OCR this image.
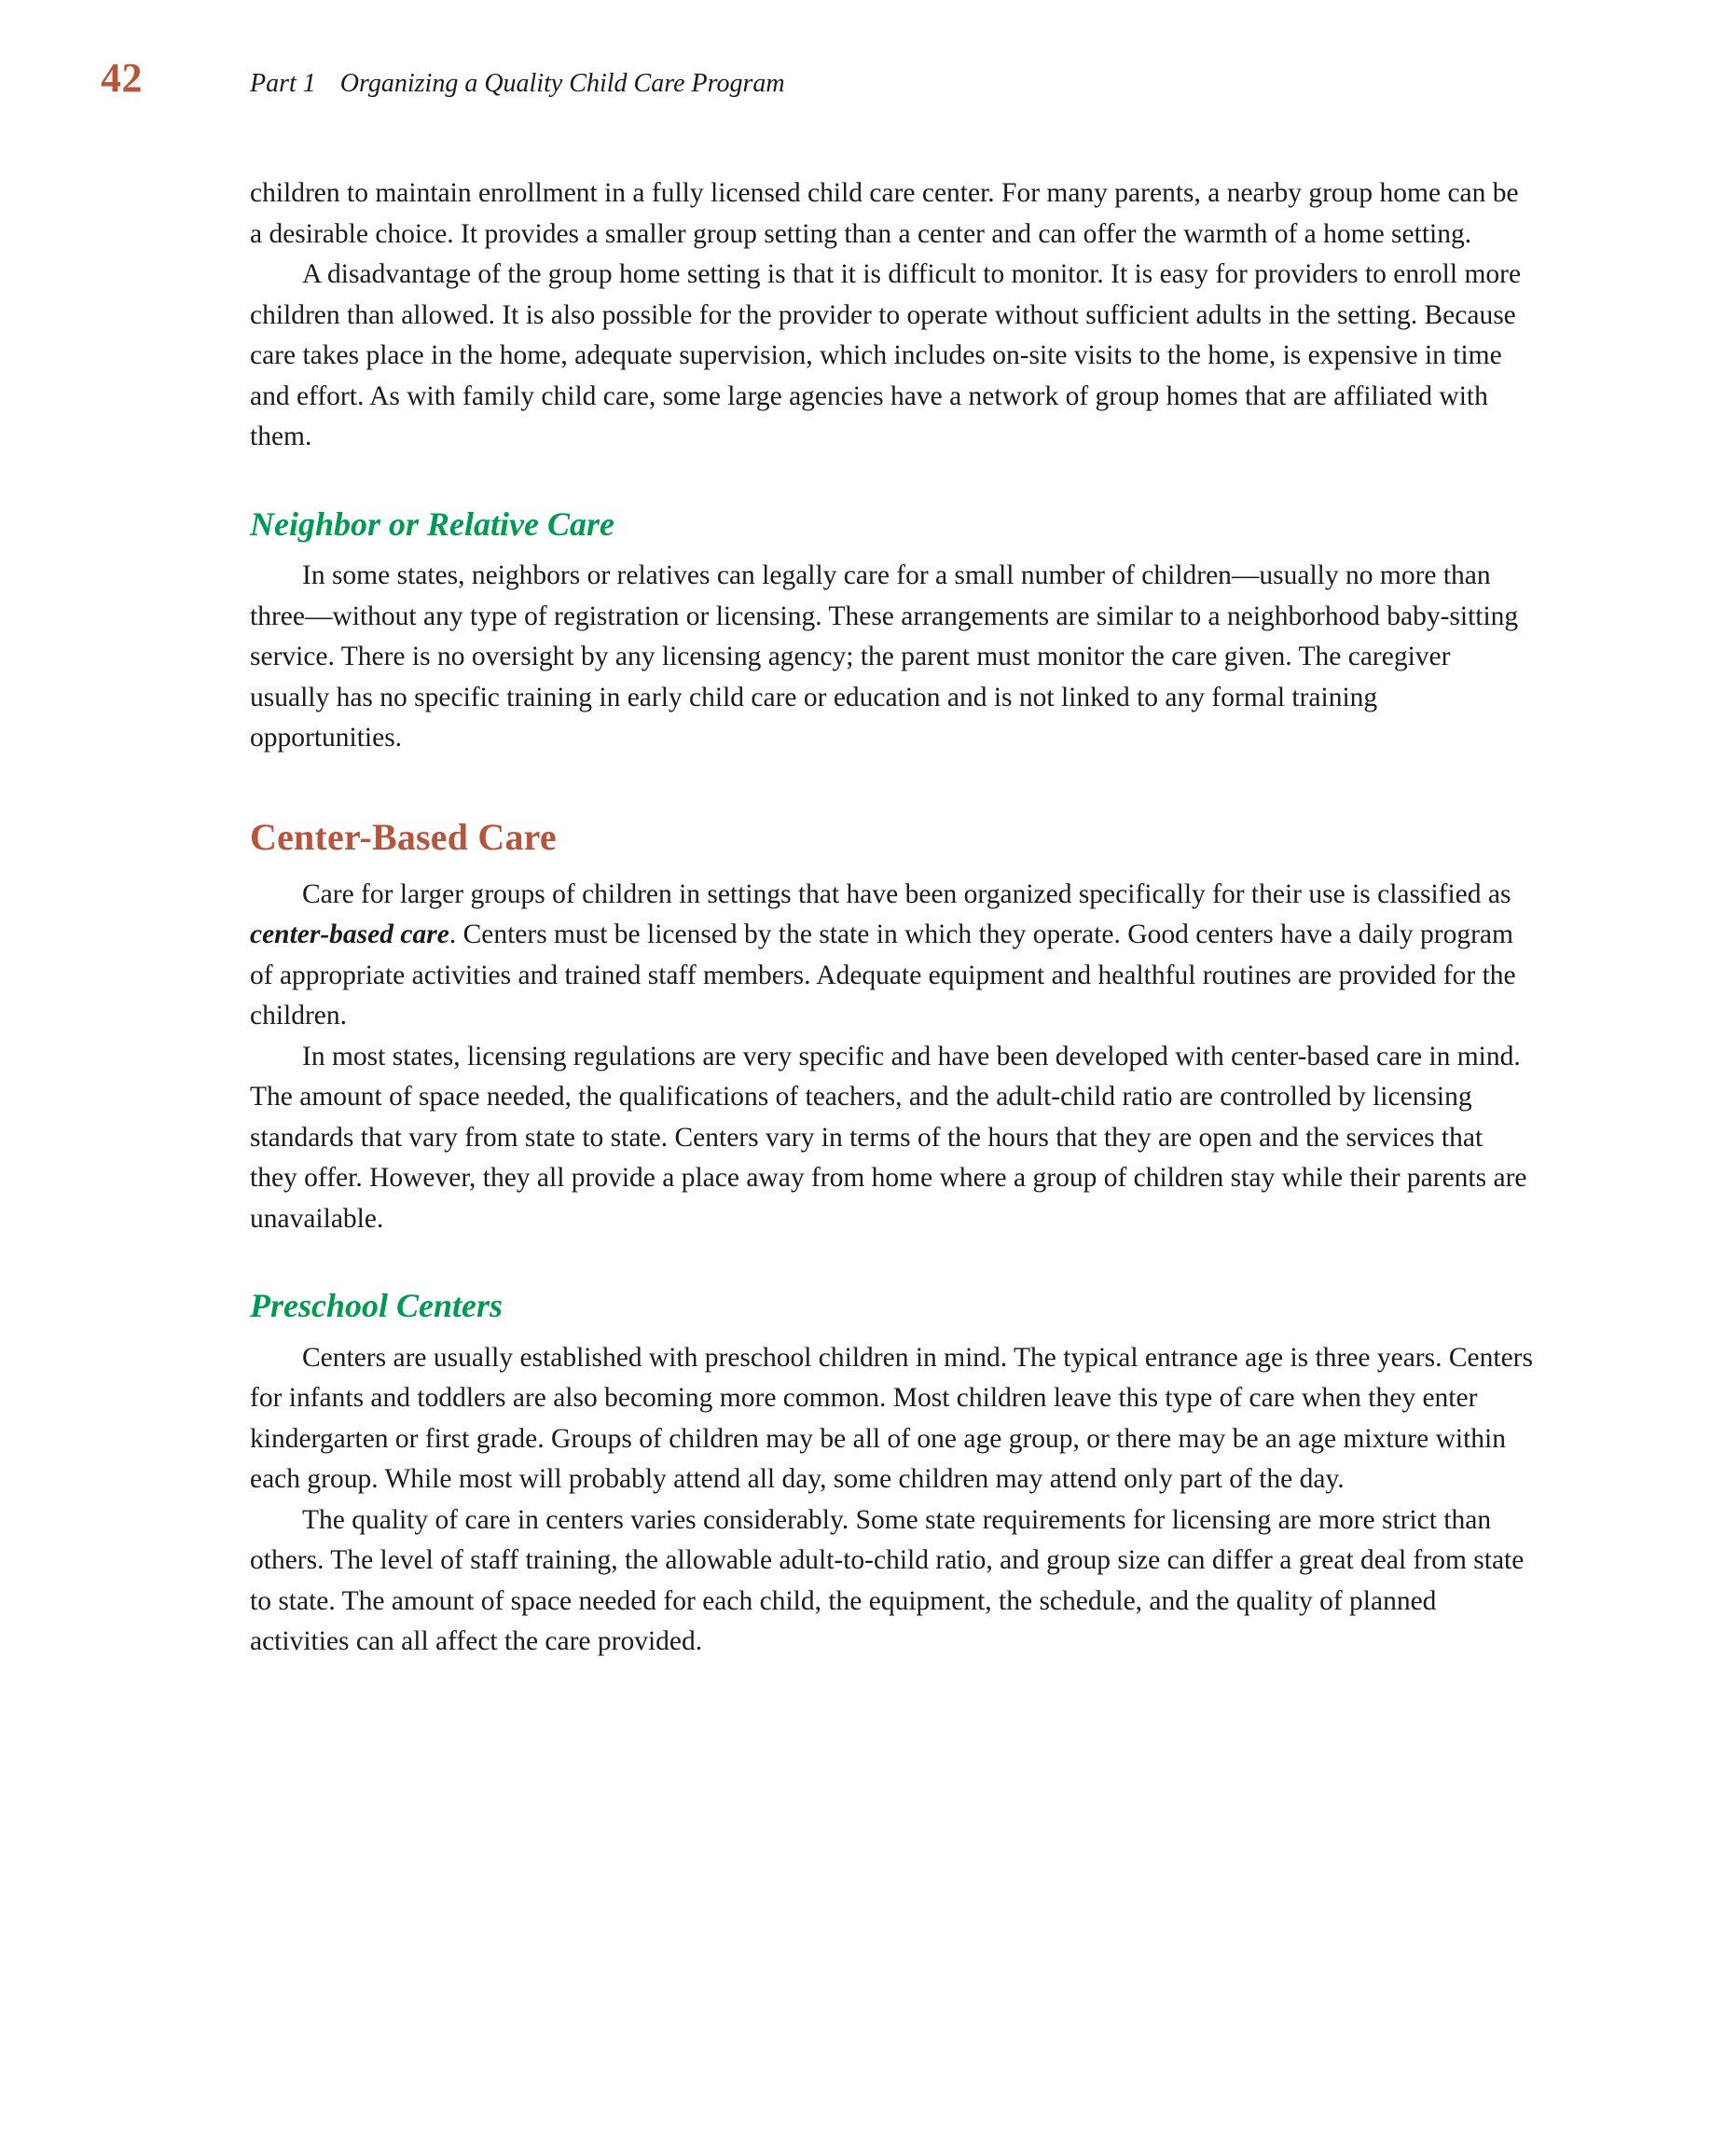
42	Part 1 Organizing a Quality Child Care Program

children to maintain enrollment in a fully licensed child care center. For many parents, a nearby group home can be a desirable choice. It provides a smaller group setting than a center and can offer the warmth of a home setting.

A disadvantage of the group home setting is that it is difficult to monitor. It is easy for providers to enroll more children than allowed. It is also possible for the provider to operate without sufficient adults in the setting. Because care takes place in the home, adequate supervision, which includes on-site visits to the home, is expensive in time and effort. As with family child care, some large agencies have a network of group homes that are affiliated with them.

Neighbor or Relative Care

In some states, neighbors or relatives can legally care for a small number of children—usually no more than three—without any type of registration or licensing. These arrangements are similar to a neighborhood baby-sitting service. There is no oversight by any licensing agency; the parent must monitor the care given. The caregiver usually has no specific training in early child care or education and is not linked to any formal training opportunities.

Center-Based Care

Care for larger groups of children in settings that have been organized specifically for their use is classified as center-based care. Centers must be licensed by the state in which they operate. Good centers have a daily program of appropriate activities and trained staff members. Adequate equipment and healthful routines are provided for the children.

In most states, licensing regulations are very specific and have been developed with center-based care in mind. The amount of space needed, the qualifications of teachers, and the adult-child ratio are controlled by licensing standards that vary from state to state. Centers vary in terms of the hours that they are open and the services that they offer. However, they all provide a place away from home where a group of children stay while their parents are unavailable.

Preschool Centers

Centers are usually established with preschool children in mind. The typical entrance age is three years. Centers for infants and toddlers are also becoming more common. Most children leave this type of care when they enter kindergarten or first grade. Groups of children may be all of one age group, or there may be an age mixture within each group. While most will probably attend all day, some children may attend only part of the day.

The quality of care in centers varies considerably. Some state requirements for licensing are more strict than others. The level of staff training, the allowable adult-to-child ratio, and group size can differ a great deal from state to state. The amount of space needed for each child, the equipment, the schedule, and the quality of planned activities can all affect the care provided.
